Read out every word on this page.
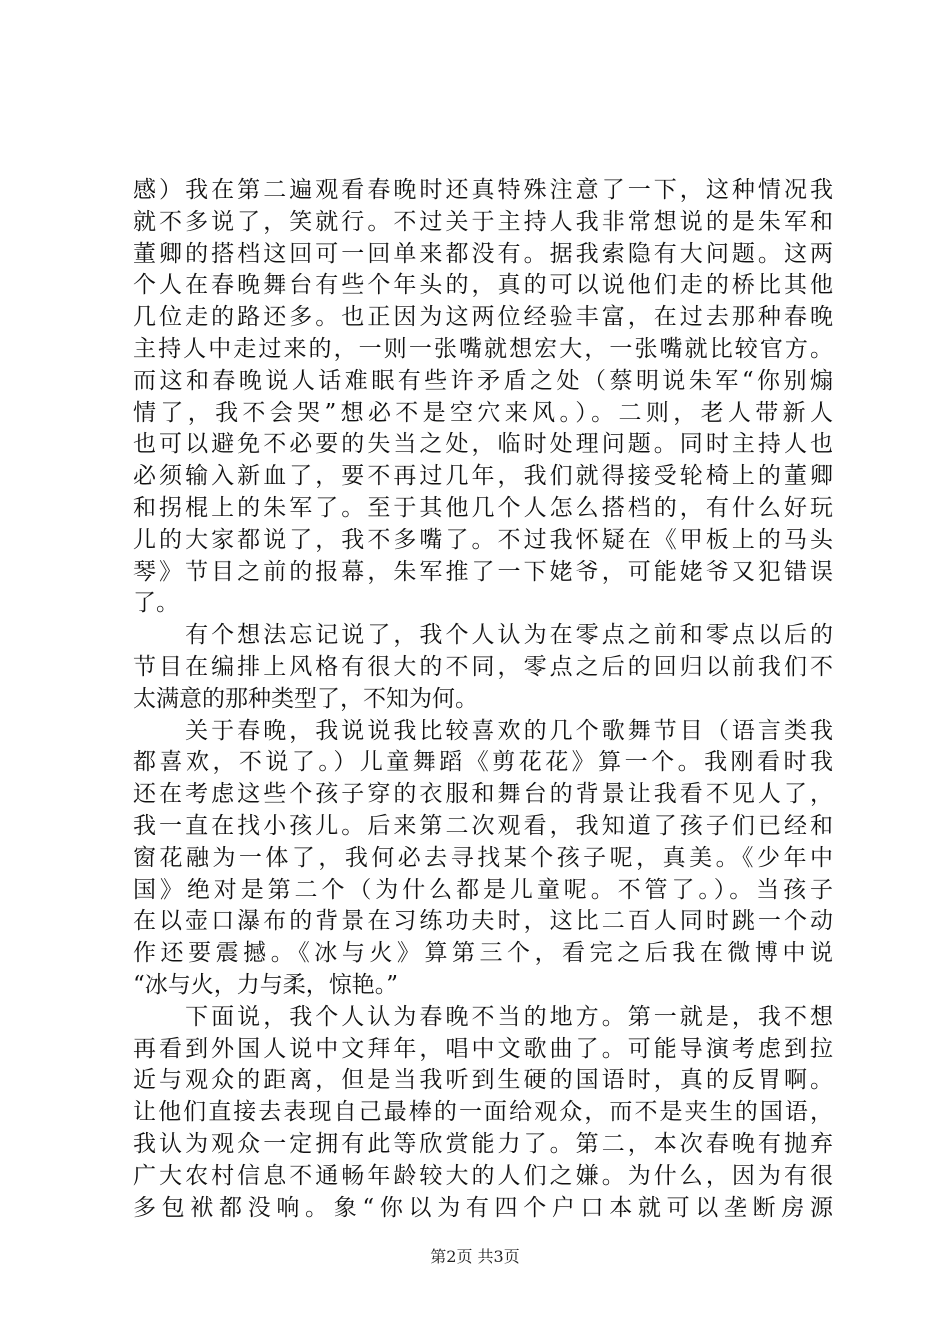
感）我在第二遍观看春晚时还真特殊注意了一下，这种情况我
就不多说了，笑就行。不过关于主持人我非常想说的是朱军和
董卿的搭档这回可一回单来都没有。据我索隐有大问题。这两
个人在春晚舞台有些个年头的，真的可以说他们走的桥比其他
几位走的路还多。也正因为这两位经验丰富，在过去那种春晚
主持人中走过来的，一则一张嘴就想宏大，一张嘴就比较官方。
而这和春晚说人话难眠有些许矛盾之处（蔡明说朱军“你别煽
情了，我不会哭”想必不是空穴来风。）。二则，老人带新人
也可以避免不必要的失当之处，临时处理问题。同时主持人也
必须输入新血了，要不再过几年，我们就得接受轮椅上的董卿
和拐棍上的朱军了。至于其他几个人怎么搭档的，有什么好玩
儿的大家都说了，我不多嘴了。不过我怀疑在《甲板上的马头
琴》节目之前的报幕，朱军推了一下姥爷，可能姥爷又犯错误
了。
　　有个想法忘记说了，我个人认为在零点之前和零点以后的
节目在编排上风格有很大的不同，零点之后的回归以前我们不
太满意的那种类型了，不知为何。
　　关于春晚，我说说我比较喜欢的几个歌舞节目（语言类我
都喜欢，不说了。）儿童舞蹈《剪花花》算一个。我刚看时我
还在考虑这些个孩子穿的衣服和舞台的背景让我看不见人了，
我一直在找小孩儿。后来第二次观看，我知道了孩子们已经和
窗花融为一体了，我何必去寻找某个孩子呢，真美。《少年中
国》绝对是第二个（为什么都是儿童呢。不管了。）。当孩子
在以壶口瀑布的背景在习练功夫时，这比二百人同时跳一个动
作还要震撼。《冰与火》算第三个，看完之后我在微博中说
“冰与火，力与柔，惊艳。”
　　下面说，我个人认为春晚不当的地方。第一就是，我不想
再看到外国人说中文拜年，唱中文歌曲了。可能导演考虑到拉
近与观众的距离，但是当我听到生硬的国语时，真的反胃啊。
让他们直接去表现自己最棒的一面给观众，而不是夹生的国语，
我认为观众一定拥有此等欣赏能力了。第二，本次春晚有抛弃
广大农村信息不通畅年龄较大的人们之嫌。为什么，因为有很
多包袱都没响。象“你以为有四个户口本就可以垄断房源
第2页 共3页
